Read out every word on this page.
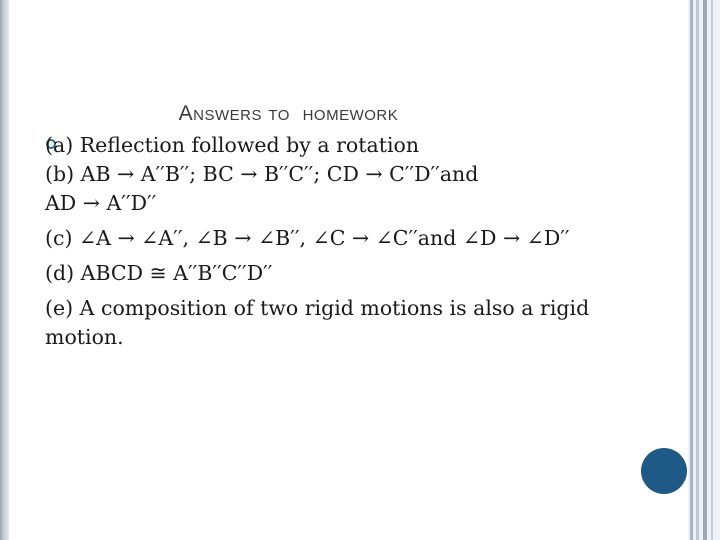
Answers to  homework

(a) Reflection followed by a rotation
(b) AB → A′′B′′; BC → B′′C′′; CD → C′′D′′and
AD → A′′D′′
(c) ∠A → ∠A′′, ∠B → ∠B′′, ∠C → ∠C′′and ∠D → ∠D′′
(d) ABCD ≅ A′′B′′C′′D′′
(e) A composition of two rigid motions is also a rigid
motion.
